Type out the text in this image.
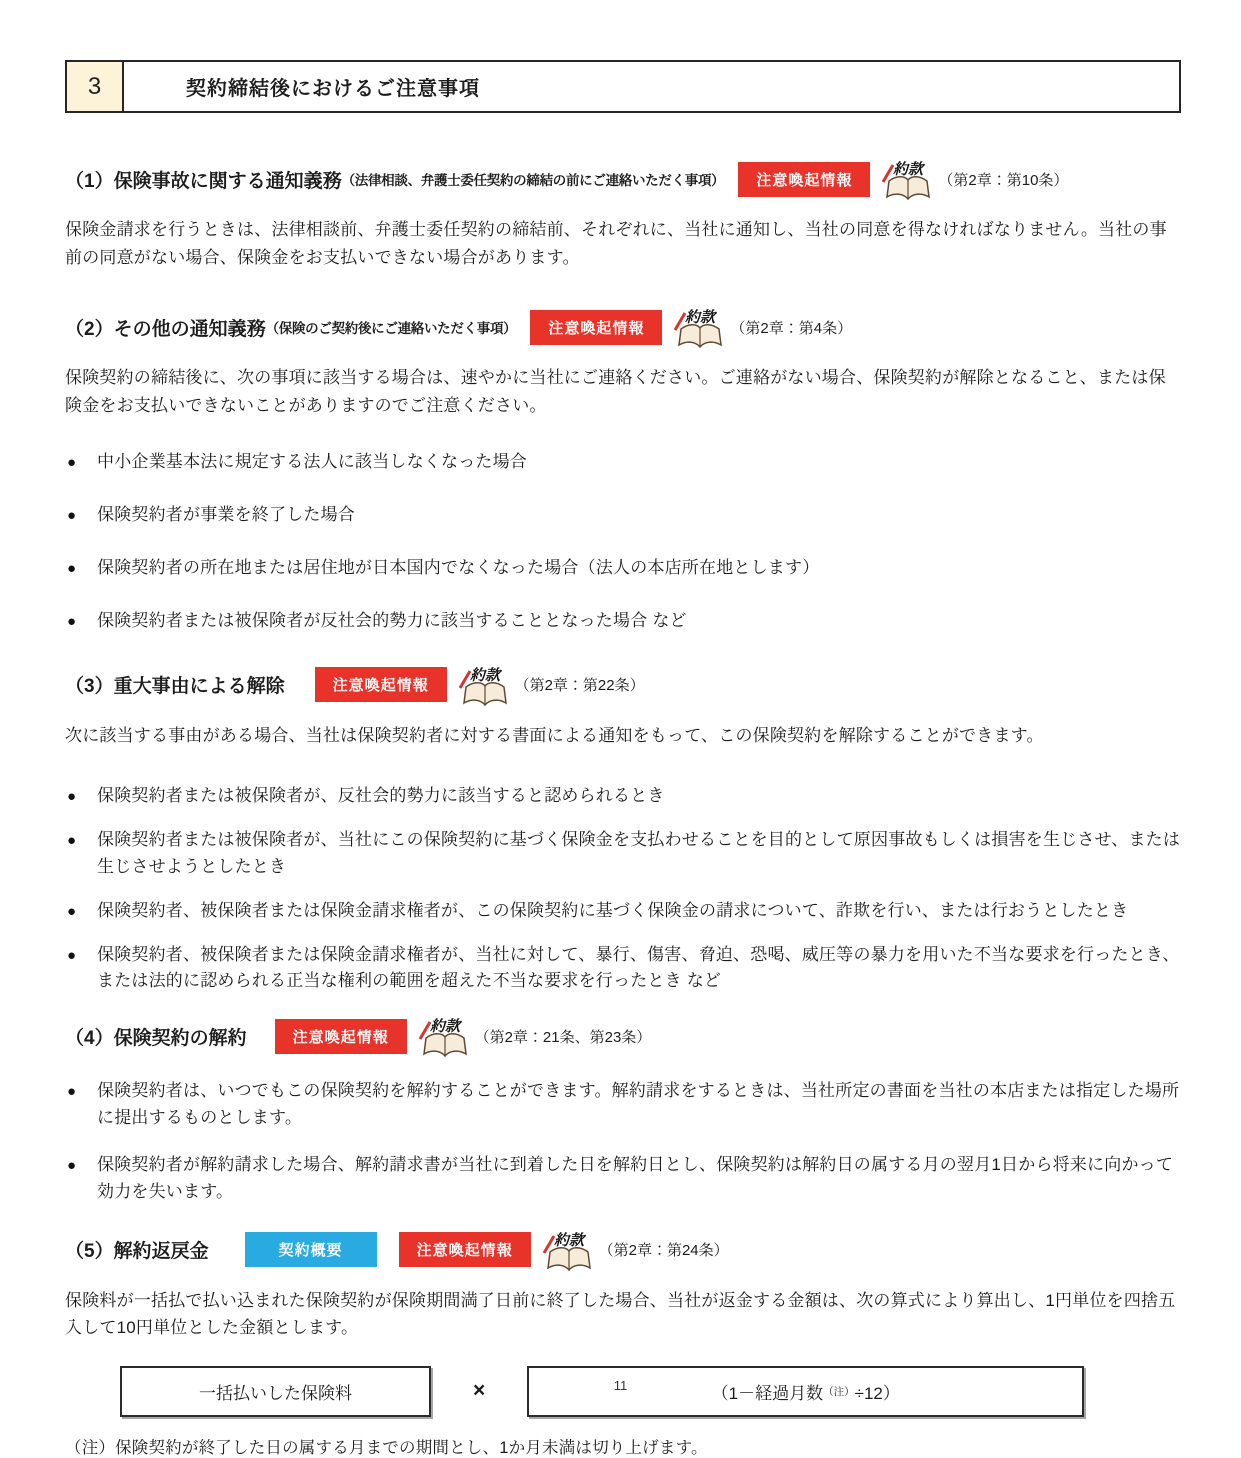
3	契約締結後におけるご注意事項
（1）保険事故に関する通知義務 （法律相談、弁護士委任契約の締結の前にご連絡いただく事項）	注意喚起情報
約款
（第2章：第10条）

保険金請求を行うときは、法律相談前、弁護士委任契約の締結前、それぞれに、当社に通知し、当社の同意を得なければなりません。当社の事前の同意がない場合、保険金をお支払いできない場合があります。

（2）その他の通知義務 （保険のご契約後にご連絡いただく事項）	注意喚起情報
約款
（第2章：第4条）

保険契約の締結後に、次の事項に該当する場合は、速やかに当社にご連絡ください。ご連絡がない場合、保険契約が解除となること、または保険金をお支払いできないことがありますのでご注意ください。

● 中小企業基本法に規定する法人に該当しなくなった場合
● 保険契約者が事業を終了した場合
● 保険契約者の所在地または居住地が日本国内でなくなった場合（法人の本店所在地とします）
● 保険契約者または被保険者が反社会的勢力に該当することとなった場合 など
（3）重大事由による解除	注意喚起情報
約款
（第2章：第22条）

次に該当する事由がある場合、当社は保険契約者に対する書面による通知をもって、この保険契約を解除することができます。

● 保険契約者または被保険者が、反社会的勢力に該当すると認められるとき
● 保険契約者または被保険者が、当社にこの保険契約に基づく保険金を支払わせることを目的として原因事故もしくは損害を生じさせ、または生じさせようとしたとき
● 保険契約者、被保険者または保険金請求権者が、この保険契約に基づく保険金の請求について、詐欺を行い、または行おうとしたとき
● 保険契約者、被保険者または保険金請求権者が、当社に対して、暴行、傷害、脅迫、恐喝、威圧等の暴力を用いた不当な要求を行ったとき、または法的に認められる正当な権利の範囲を超えた不当な要求を行ったとき など
（4）保険契約の解約	注意喚起情報
約款
（第2章：21条、第23条）
● 保険契約者は、いつでもこの保険契約を解約することができます。解約請求をするときは、当社所定の書面を当社の本店または指定した場所に提出するものとします。
● 保険契約者が解約請求した場合、解約請求書が当社に到着した日を解約日とし、保険契約は解約日の属する月の翌月1日から将来に向かって効力を失います。
（5）解約返戻金	契約概要	注意喚起情報
約款
（第2章：第24条）

保険料が一括払で払い込まれた保険契約が保険期間満了日前に終了した場合、当社が返金する金額は、次の算式により算出し、1円単位を四捨五入して10円単位とした金額とします。

一括払いした保険料	×	（1－経過月数 （注） ÷12）

（注）保険契約が終了した日の属する月までの期間とし、1か月未満は切り上げます。

11
